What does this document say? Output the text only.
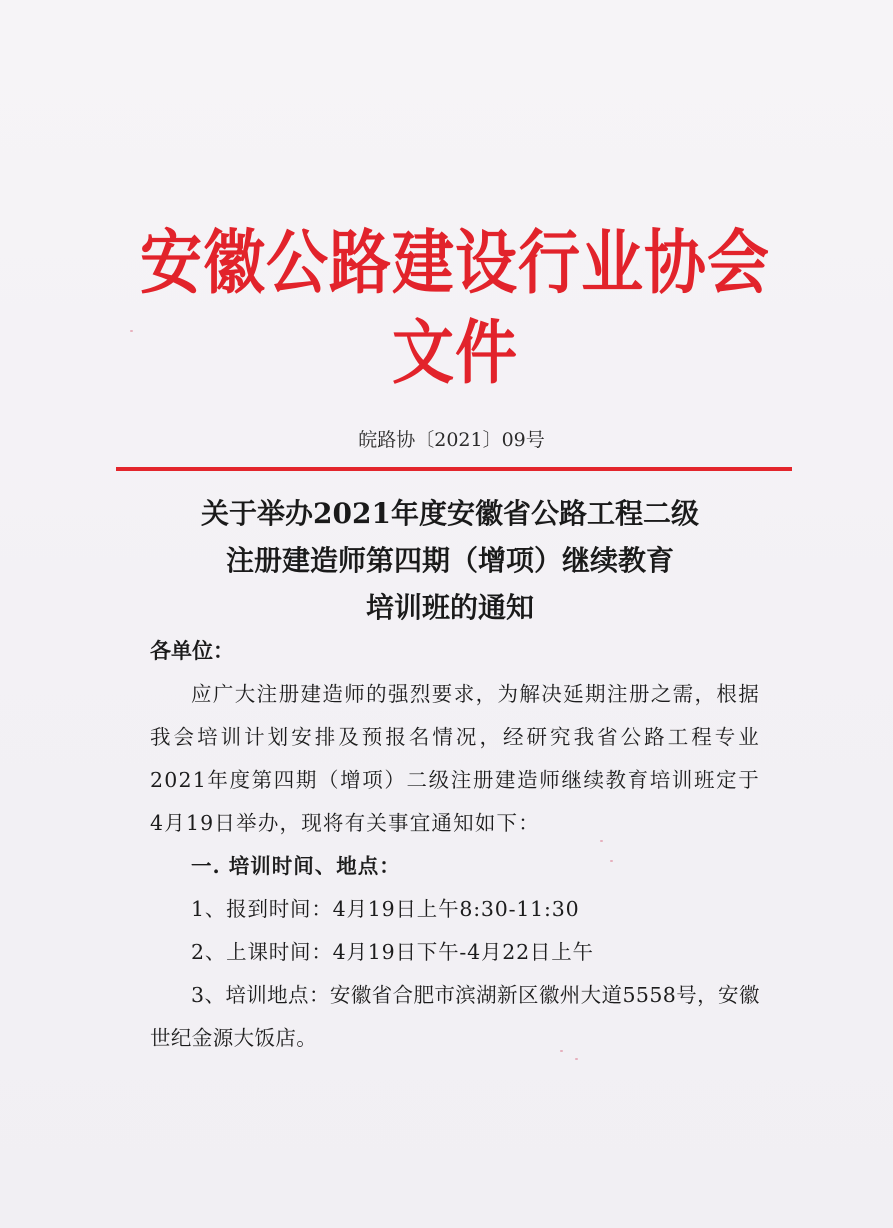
安徽公路建设行业协会文件
皖路协〔2021〕09号
关于举办2021年度安徽省公路工程二级
注册建造师第四期（增项）继续教育
培训班的通知
各单位：
应广大注册建造师的强烈要求，为解决延期注册之需，根据我会培训计划安排及预报名情况，经研究我省公路工程专业2021年度第四期（增项）二级注册建造师继续教育培训班定于4月19日举办，现将有关事宜通知如下：
一. 培训时间、地点：
1、报到时间：4月19日上午8:30-11:30
2、上课时间：4月19日下午-4月22日上午
3、培训地点：安徽省合肥市滨湖新区徽州大道5558号，安徽世纪金源大饭店。
